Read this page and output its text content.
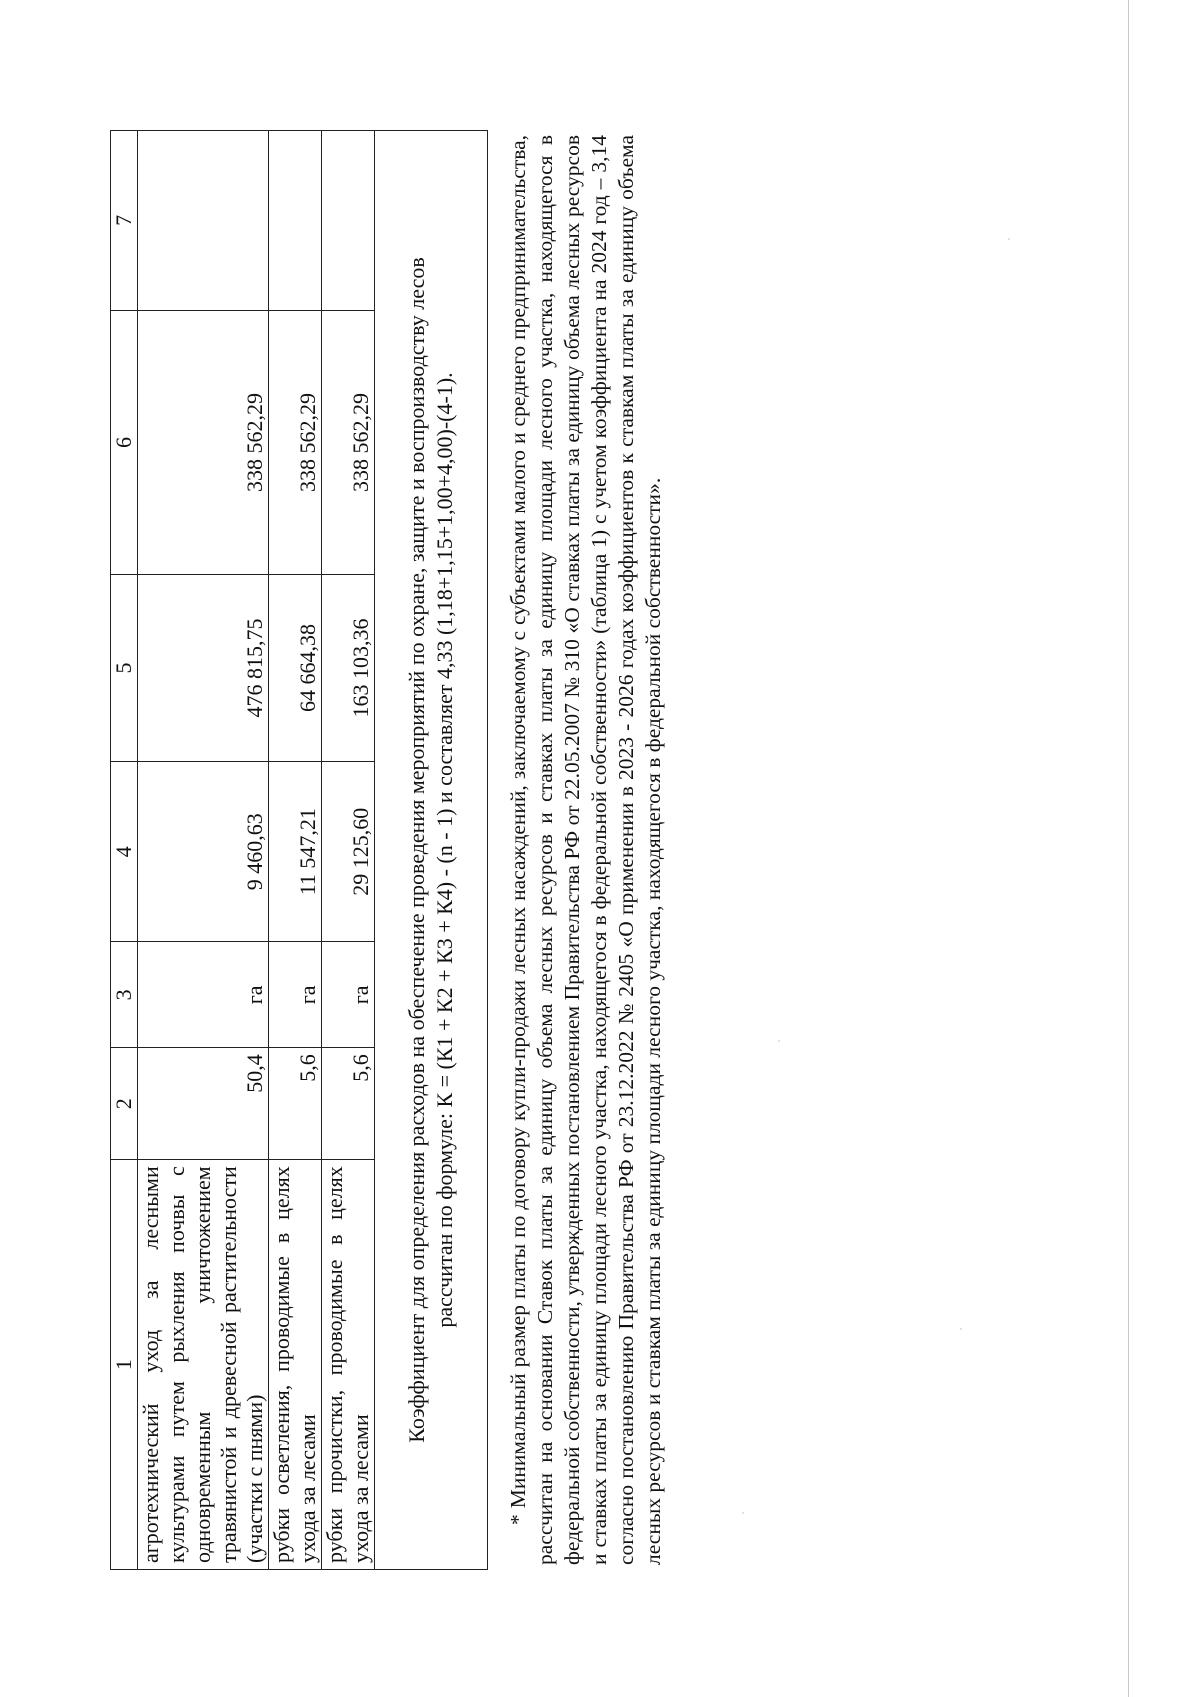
1	2	3	4	5	6	7
агротехнический уход за лесными культурами путем рыхления почвы с одновременным уничтожением травянистой и древесной растительности (участки с пнями)	50,4	га	9 460,63	476 815,75	338 562,29	
рубки осветления, проводимые в целях ухода за лесами	5,6	га	11 547,21	64 664,38	338 562,29	
рубки прочистки, проводимые в целях ухода за лесами	5,6	га	29 125,60	163 103,36	338 562,29	

Коэффициент для определения расходов на обеспечение проведения мероприятий по охране, защите и воспроизводству лесов рассчитан по формуле: К = (К1 + К2 + К3 + К4) - (n - 1) и составляет 4,33 (1,18+1,15+1,00+4,00)-(4-1).						* Минимальный размер платы по договору купли-продажи лесных насаждений, заключаемому с субъектами малого и среднего предпринимательства, рассчитан на основании Ставок платы за единицу объема лесных ресурсов и ставках платы за единицу площади лесного участка, находящегося в федеральной собственности, утвержденных постановлением Правительства РФ от 22.05.2007 № 310 «О ставках платы за единицу объема лесных ресурсов и ставках платы за единицу площади лесного участка, находящегося в федеральной собственности» (таблица 1) с учетом коэффициента на 2024 год – 3,14 согласно постановлению Правительства РФ от 23.12.2022 № 2405 «О применении в 2023 - 2026 годах коэффициентов к ставкам платы за единицу объема лесных ресурсов и ставкам платы за единицу площади лесного участка, находящегося в федеральной собственности».
